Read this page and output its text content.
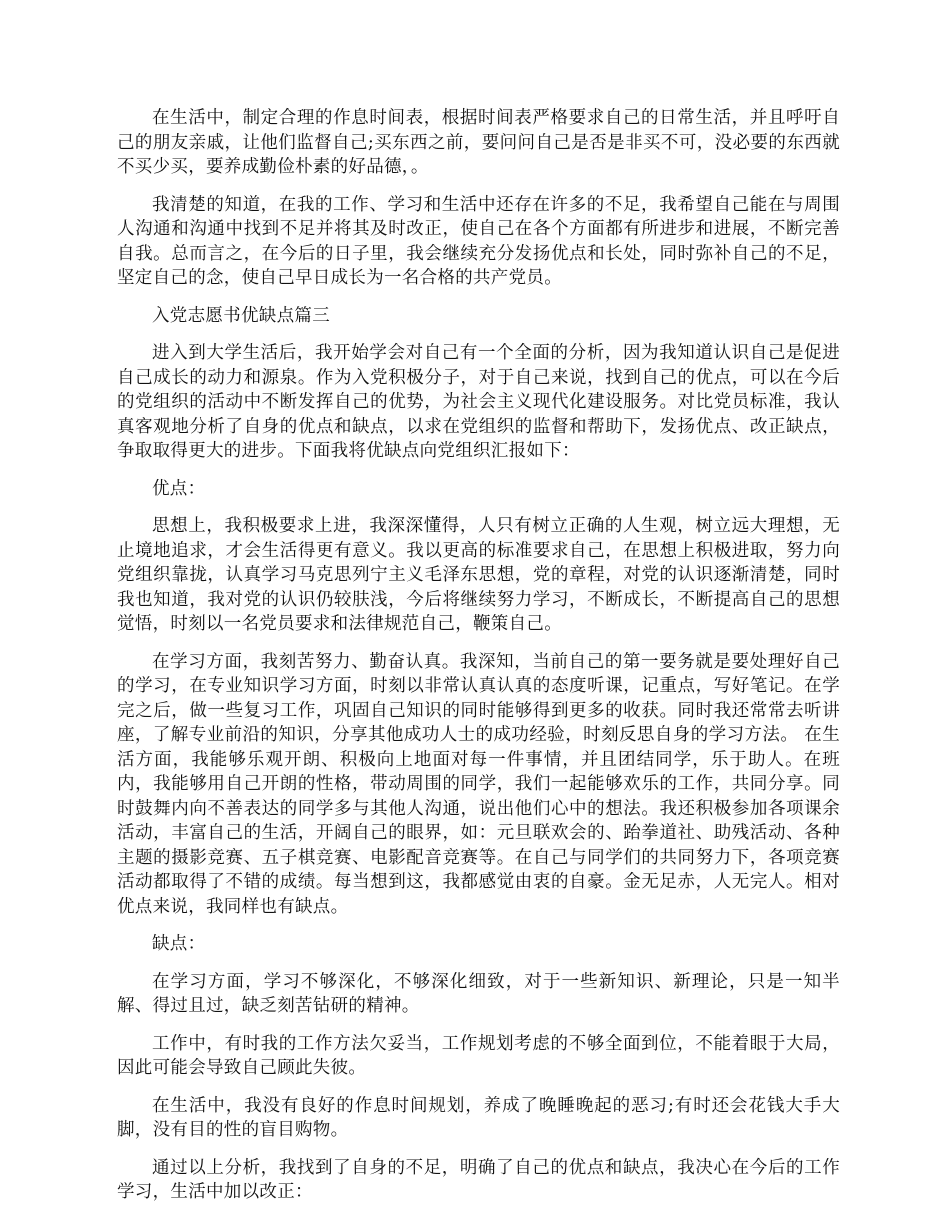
在生活中，制定合理的作息时间表，根据时间表严格要求自己的日常生活，并且呼吁自己的朋友亲戚，让他们监督自己;买东西之前，要问问自己是否是非买不可，没必要的东西就不买少买，要养成勤俭朴素的好品德，。

我清楚的知道，在我的工作、学习和生活中还存在许多的不足，我希望自己能在与周围人沟通和沟通中找到不足并将其及时改正，使自己在各个方面都有所进步和进展，不断完善自我。总而言之，在今后的日子里，我会继续充分发扬优点和长处，同时弥补自己的不足，坚定自己的念，使自己早日成长为一名合格的共产党员。

入党志愿书优缺点篇三

进入到大学生活后，我开始学会对自己有一个全面的分析，因为我知道认识自己是促进自己成长的动力和源泉。作为入党积极分子，对于自己来说，找到自己的优点，可以在今后的党组织的活动中不断发挥自己的优势，为社会主义现代化建设服务。对比党员标准，我认真客观地分析了自身的优点和缺点，以求在党组织的监督和帮助下，发扬优点、改正缺点，争取取得更大的进步。下面我将优缺点向党组织汇报如下：

优点：

思想上，我积极要求上进，我深深懂得，人只有树立正确的人生观，树立远大理想，无止境地追求，才会生活得更有意义。我以更高的标准要求自己，在思想上积极进取，努力向党组织靠拢，认真学习马克思列宁主义毛泽东思想，党的章程，对党的认识逐渐清楚，同时我也知道，我对党的认识仍较肤浅，今后将继续努力学习，不断成长，不断提高自己的思想觉悟，时刻以一名党员要求和法律规范自己，鞭策自己。

在学习方面，我刻苦努力、勤奋认真。我深知，当前自己的第一要务就是要处理好自己的学习，在专业知识学习方面，时刻以非常认真认真的态度听课，记重点，写好笔记。在学完之后，做一些复习工作，巩固自己知识的同时能够得到更多的收获。同时我还常常去听讲座，了解专业前沿的知识，分享其他成功人士的成功经验，时刻反思自身的学习方法。 在生活方面，我能够乐观开朗、积极向上地面对每一件事情，并且团结同学，乐于助人。在班内，我能够用自己开朗的性格，带动周围的同学，我们一起能够欢乐的工作，共同分享。同时鼓舞内向不善表达的同学多与其他人沟通，说出他们心中的想法。我还积极参加各项课余活动，丰富自己的生活，开阔自己的眼界，如：元旦联欢会的、跆拳道社、助残活动、各种主题的摄影竞赛、五子棋竞赛、电影配音竞赛等。在自己与同学们的共同努力下，各项竞赛活动都取得了不错的成绩。每当想到这，我都感觉由衷的自豪。金无足赤，人无完人。相对优点来说，我同样也有缺点。

缺点：

在学习方面，学习不够深化，不够深化细致，对于一些新知识、新理论，只是一知半解、得过且过，缺乏刻苦钻研的精神。

工作中，有时我的工作方法欠妥当，工作规划考虑的不够全面到位，不能着眼于大局，因此可能会导致自己顾此失彼。

在生活中，我没有良好的作息时间规划，养成了晚睡晚起的恶习;有时还会花钱大手大脚，没有目的性的盲目购物。

通过以上分析，我找到了自身的不足，明确了自己的优点和缺点，我决心在今后的工作学习，生活中加以改正：
